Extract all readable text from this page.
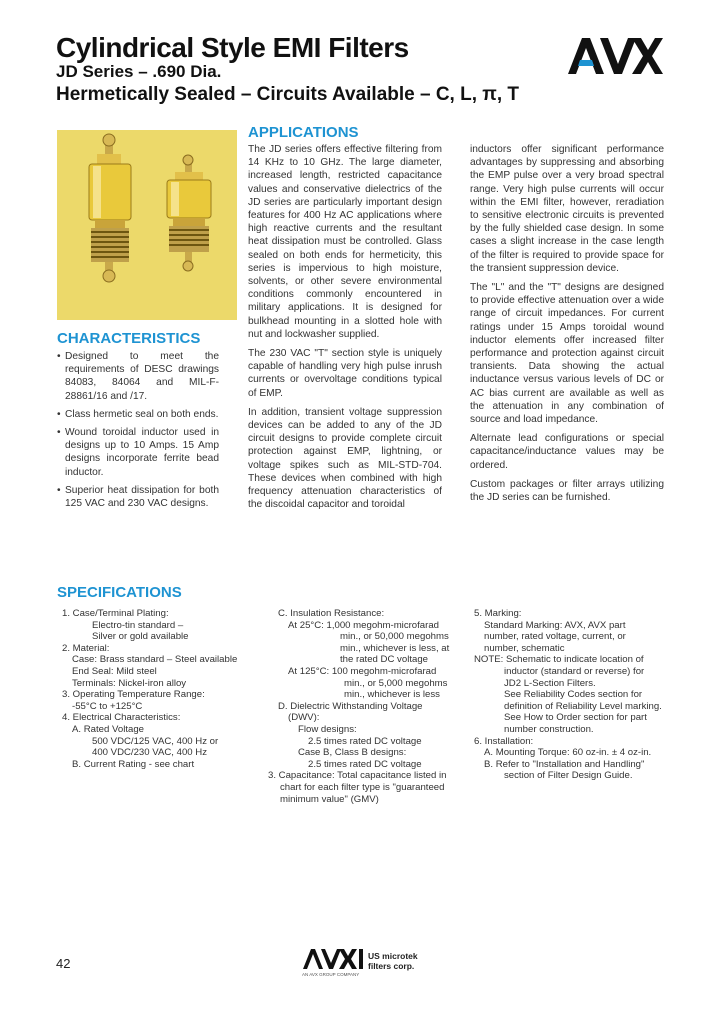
Cylindrical Style EMI Filters
JD Series – .690 Dia.
Hermetically Sealed – Circuits Available – C, L, π, T
APPLICATIONS

The JD series offers effective filtering from 14 KHz to 10 GHz. The large diameter, increased length, restricted capacitance values and conservative dielectrics of the JD series are particularly important design features for 400 Hz AC applications where high reactive currents and the resultant heat dissipation must be controlled. Glass sealed on both ends for hermeticity, this series is impervious to high moisture, solvents, or other severe environmental conditions commonly encountered in military applications. It is designed for bulkhead mounting in a slotted hole with nut and lockwasher supplied.

The 230 VAC "T" section style is uniquely capable of handling very high pulse inrush currents or overvoltage conditions typical of EMP.

In addition, transient voltage suppression devices can be added to any of the JD circuit designs to provide complete circuit protection against EMP, lightning, or voltage spikes such as MIL-STD-704. These devices when combined with high frequency attenuation characteristics of the discoidal capacitor and toroidal

inductors offer significant performance advantages by suppressing and absorbing the EMP pulse over a very broad spectral range. Very high pulse currents will occur within the EMI filter, however, reradiation to sensitive electronic circuits is prevented by the fully shielded case design. In some cases a slight increase in the case length of the filter is required to provide space for the transient suppression device.

The "L" and the "T" designs are designed to provide effective attenuation over a wide range of circuit impedances. For current ratings under 15 Amps toroidal wound inductor elements offer increased filter performance and protection against circuit transients. Data showing the actual inductance versus various levels of DC or AC bias current are available as well as the attenuation in any combination of source and load impedance.

Alternate lead configurations or special capacitance/inductance values may be ordered.

Custom packages or filter arrays utilizing the JD series can be furnished.

CHARACTERISTICS
• Designed to meet the requirements of DESC drawings 84083, 84064 and MIL-F-28861/16 and /17.
• Class hermetic seal on both ends.
• Wound toroidal inductor used in designs up to 10 Amps. 15 Amp designs incorporate ferrite bead inductor.
• Superior heat dissipation for both 125 VAC and 230 VAC designs.
SPECIFICATIONS
1. Case/Terminal Plating:
Electro-tin standard –
Silver or gold available
2. Material:
Case: Brass standard – Steel available
End Seal: Mild steel
Terminals: Nickel-iron alloy
3. Operating Temperature Range:
-55°C to +125°C
4. Electrical Characteristics:
A. Rated Voltage
500 VDC/125 VAC, 400 Hz or
400 VDC/230 VAC, 400 Hz
B. Current Rating - see chart
C. Insulation Resistance:
At 25°C: 1,000 megohm-microfarad
min., or 50,000 megohms
min., whichever is less, at
the rated DC voltage
At 125°C: 100 megohm-microfarad
min., or 5,000 megohms
min., whichever is less
D. Dielectric Withstanding Voltage
(DWV):
Flow designs:
2.5 times rated DC voltage
Case B, Class B designs:
2.5 times rated DC voltage
3. Capacitance: Total capacitance listed in
chart for each filter type is "guaranteed
minimum value" (GMV)
5. Marking:
Standard Marking: AVX, AVX part
number, rated voltage, current, or
number, schematic
NOTE: Schematic to indicate location of
inductor (standard or reverse) for
JD2 L-Section Filters.
See Reliability Codes section for
definition of Reliability Level marking.
See How to Order section for part
number construction.
6. Installation:
A. Mounting Torque: 60 oz-in. ± 4 oz-in.
B. Refer to "Installation and Handling"
section of Filter Design Guide.
42	US microtek
filters corp.
AN AVX GROUP COMPANY
